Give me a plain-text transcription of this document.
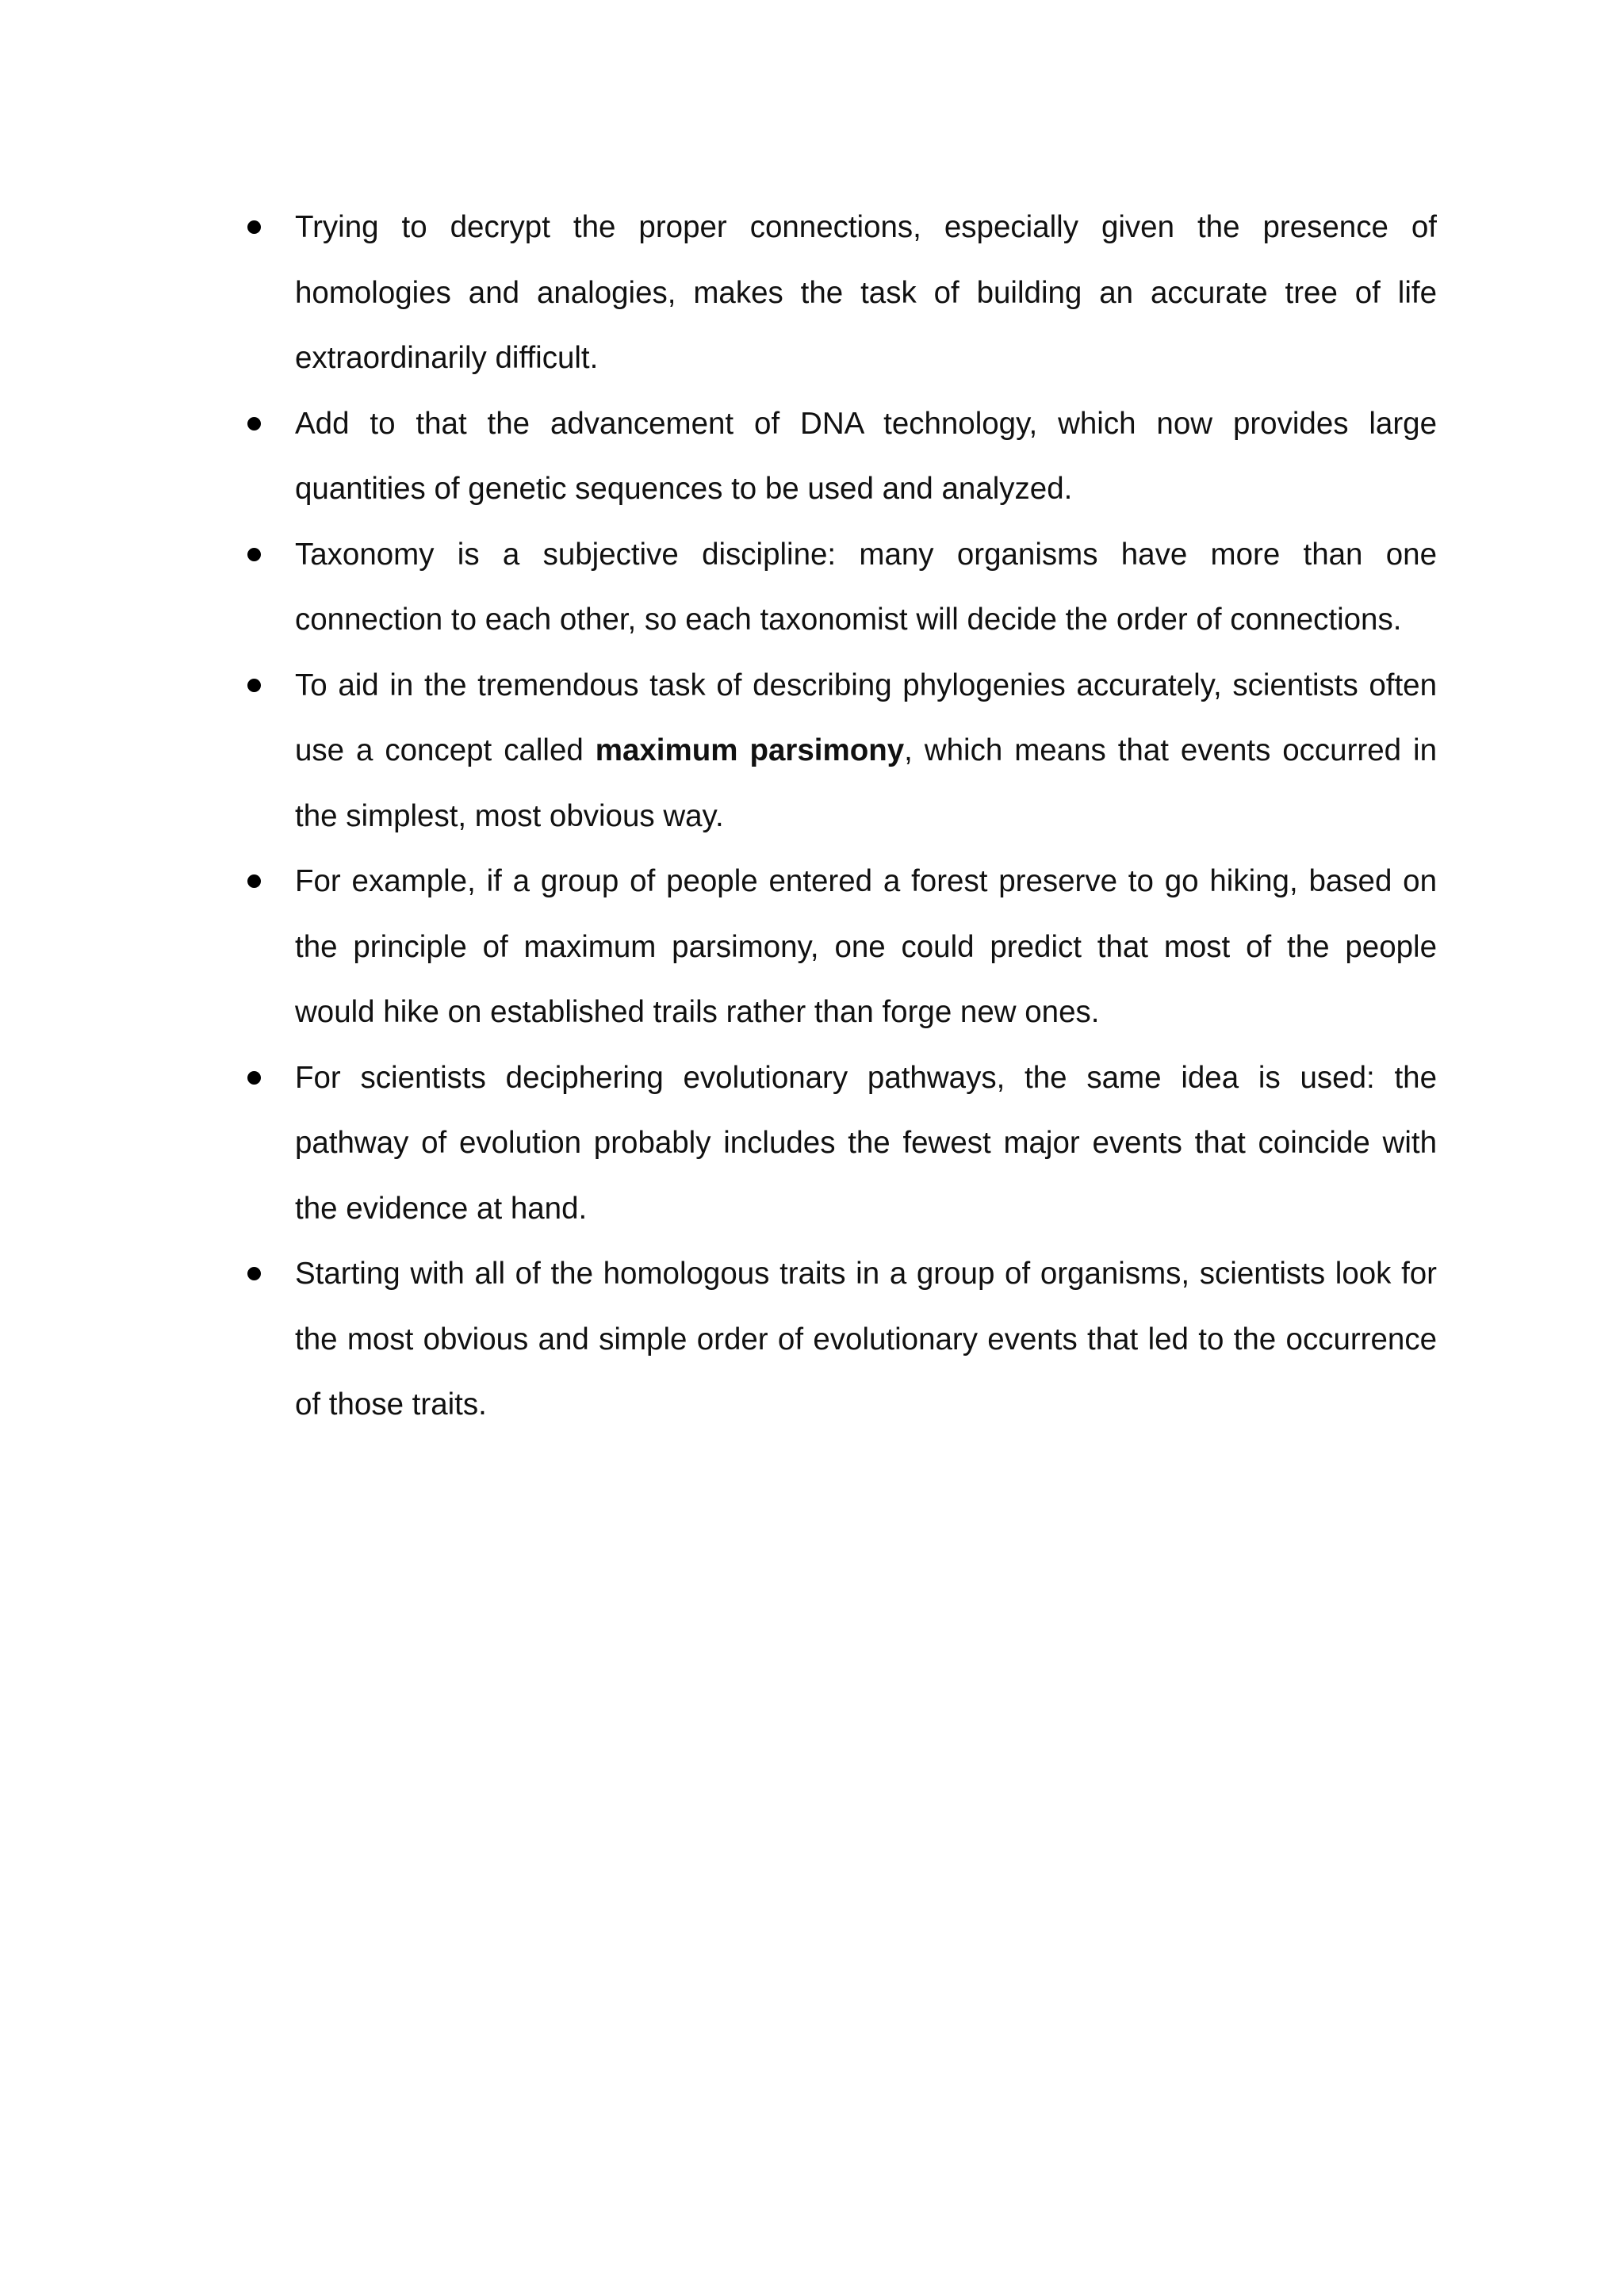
Trying to decrypt the proper connections, especially given the presence of homologies and analogies, makes the task of building an accurate tree of life extraordinarily difficult.
Add to that the advancement of DNA technology, which now provides large quantities of genetic sequences to be used and analyzed.
Taxonomy is a subjective discipline: many organisms have more than one connection to each other, so each taxonomist will decide the order of connections.
To aid in the tremendous task of describing phylogenies accurately, scientists often use a concept called maximum parsimony, which means that events occurred in the simplest, most obvious way.
For example, if a group of people entered a forest preserve to go hiking, based on the principle of maximum parsimony, one could predict that most of the people would hike on established trails rather than forge new ones.
For scientists deciphering evolutionary pathways, the same idea is used: the pathway of evolution probably includes the fewest major events that coincide with the evidence at hand.
Starting with all of the homologous traits in a group of organisms, scientists look for the most obvious and simple order of evolutionary events that led to the occurrence of those traits.
